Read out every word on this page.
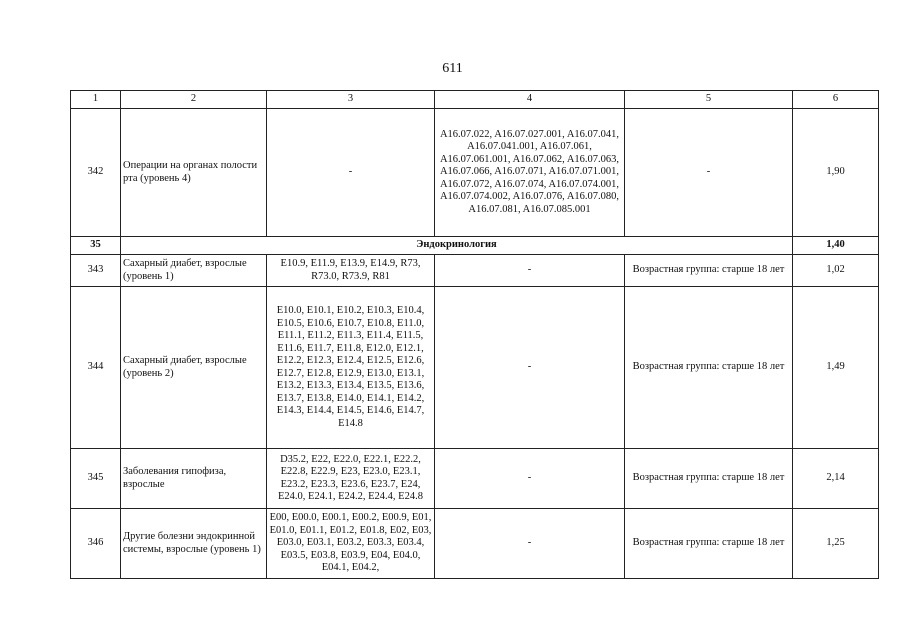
611
1	2	3	4	5	6
342	Операции на органах полости рта (уровень 4)	-	A16.07.022, A16.07.027.001, A16.07.041, A16.07.041.001, A16.07.061, A16.07.061.001, A16.07.062, A16.07.063, A16.07.066, A16.07.071, A16.07.071.001, A16.07.072, A16.07.074, A16.07.074.001, A16.07.074.002, A16.07.076, A16.07.080, A16.07.081, A16.07.085.001	-	1,90
35	Эндокринология				1,40
343	Сахарный диабет, взрослые (уровень 1)	E10.9, E11.9, E13.9, E14.9, R73, R73.0, R73.9, R81	-	Возрастная группа: старше 18 лет	1,02
344	Сахарный диабет, взрослые (уровень 2)	E10.0, E10.1, E10.2, E10.3, E10.4, E10.5, E10.6, E10.7, E10.8, E11.0, E11.1, E11.2, E11.3, E11.4, E11.5, E11.6, E11.7, E11.8, E12.0, E12.1, E12.2, E12.3, E12.4, E12.5, E12.6, E12.7, E12.8, E12.9, E13.0, E13.1, E13.2, E13.3, E13.4, E13.5, E13.6, E13.7, E13.8, E14.0, E14.1, E14.2, E14.3, E14.4, E14.5, E14.6, E14.7, E14.8	-	Возрастная группа: старше 18 лет	1,49
345	Заболевания гипофиза, взрослые	D35.2, E22, E22.0, E22.1, E22.2, E22.8, E22.9, E23, E23.0, E23.1, E23.2, E23.3, E23.6, E23.7, E24, E24.0, E24.1, E24.2, E24.4, E24.8	-	Возрастная группа: старше 18 лет	2,14
346	Другие болезни эндокринной системы, взрослые (уровень 1)	E00, E00.0, E00.1, E00.2, E00.9, E01, E01.0, E01.1, E01.2, E01.8, E02, E03, E03.0, E03.1, E03.2, E03.3, E03.4, E03.5, E03.8, E03.9, E04, E04.0, E04.1, E04.2,	-	Возрастная группа: старше 18 лет	1,25
